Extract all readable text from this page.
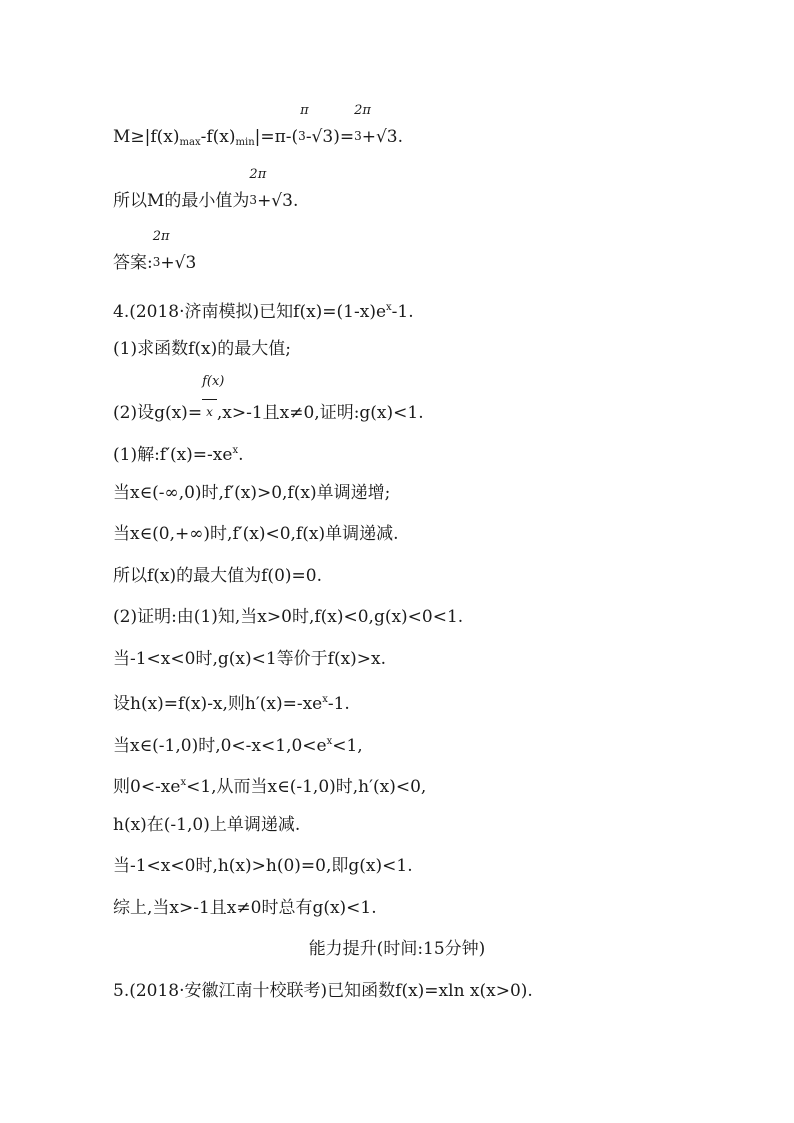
$M\ge|f(x)_{max}-f(x)_{min}|=\pi-$(
π
3-√3)=
2π
3+√3.
所以M的最小值为
2π
3+√3.
答案:
2π
3+√3
4.(2018·济南模拟)已知$f(x)=(1-x)e^x-1$.
(1)求函数f(x)的最大值;
(2)设$g(x)= \frac{f(x)}{x},x>-1$且x≠0,证明:g(x)<1.
(1)解$:f'(x)=-xe^x$.
当x∈(-∞,0)时,f′(x)>0,f(x)单调递增;
当x∈(0,+∞)时,f′(x)<0,f(x)单调递减.
所以f(x)的最大值为f(0)=0.
(2)证明:由(1)知,当x>0时,f(x)<0,g(x)<0<1.
当-1<x<0时,g(x)<1等价于f(x)>x.
设h(x)=f(x)-x,则$h'(x)=-xe^x-1$.
当x∈(-1,0)时$,0<-x<1,0<e^x<1$,
则$0<-xe^x<1$,从而当x∈(-1,0)时,h′(x)<0,
h(x)在(-1,0)上单调递减.
当-1<x<0时,h(x)>h(0)=0,即g(x)<1.
综上,当x>-1且x≠0时总有g(x)<1.
能力提升(时间:15分钟)
5.(2018·安徽江南十校联考)已知函数f(x)=xln x(x>0).
